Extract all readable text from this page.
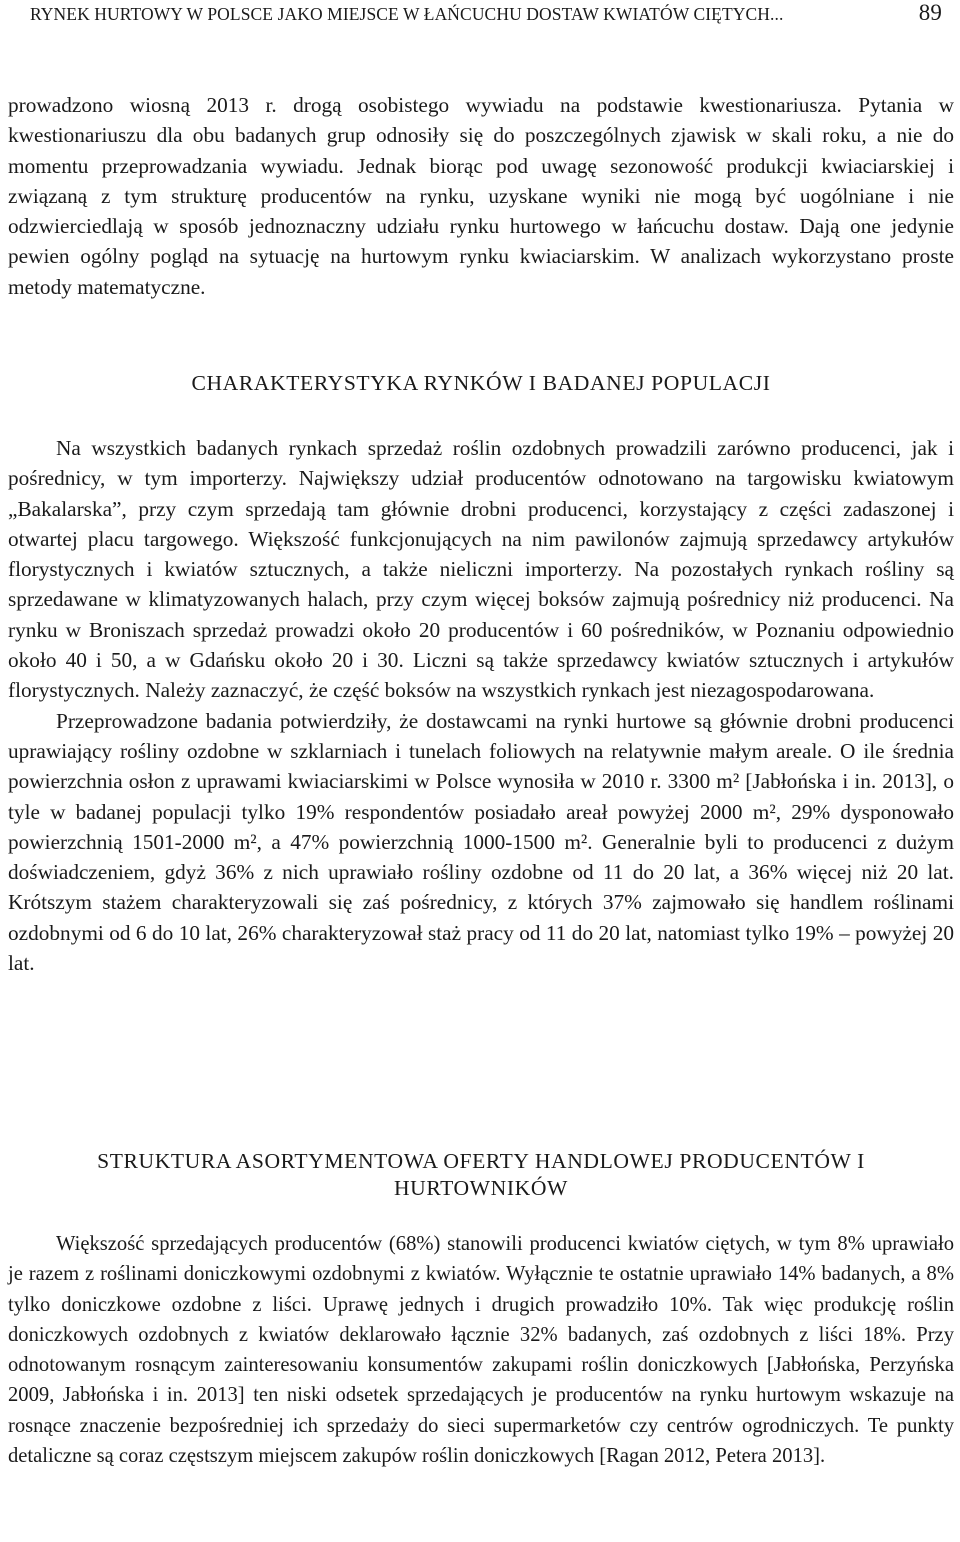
RYNEK HURTOWY W POLSCE JAKO MIEJSCE W ŁAŃCUCHU DOSTAW KWIATÓW CIĘTYCH...	89

prowadzono wiosną 2013 r. drogą osobistego wywiadu na podstawie kwestionariusza. Pytania w kwestionariuszu dla obu badanych grup odnosiły się do poszczególnych zjawisk w skali roku, a nie do momentu przeprowadzania wywiadu. Jednak biorąc pod uwagę sezonowość produkcji kwiaciarskiej i związaną z tym strukturę producentów na rynku, uzyskane wyniki nie mogą być uogólniane i nie odzwierciedlają w sposób jednoznaczny udziału rynku hurtowego w łańcuchu dostaw. Dają one jedynie pewien ogólny pogląd na sytuację na hurtowym rynku kwiaciarskim. W analizach wykorzystano proste metody matematyczne.

CHARAKTERYSTYKA RYNKÓW I BADANEJ POPULACJI

Na wszystkich badanych rynkach sprzedaż roślin ozdobnych prowadzili zarówno producenci, jak i pośrednicy, w tym importerzy. Największy udział producentów odnotowano na targowisku kwiatowym „Bakalarska”, przy czym sprzedają tam głównie drobni producenci, korzystający z części zadaszonej i otwartej placu targowego. Większość funkcjonujących na nim pawilonów zajmują sprzedawcy artykułów florystycznych i kwiatów sztucznych, a także nieliczni importerzy. Na pozostałych rynkach rośliny są sprzedawane w klimatyzowanych halach, przy czym więcej boksów zajmują pośrednicy niż producenci. Na rynku w Broniszach sprzedaż prowadzi około 20 producentów i 60 pośredników, w Poznaniu odpowiednio około 40 i 50, a w Gdańsku około 20 i 30. Liczni są także sprzedawcy kwiatów sztucznych i artykułów florystycznych. Należy zaznaczyć, że część boksów na wszystkich rynkach jest niezagospodarowana.

Przeprowadzone badania potwierdziły, że dostawcami na rynki hurtowe są głównie drobni producenci uprawiający rośliny ozdobne w szklarniach i tunelach foliowych na relatywnie małym areale. O ile średnia powierzchnia osłon z uprawami kwiaciarskimi w Polsce wynosiła w 2010 r. 3300 m² [Jabłońska i in. 2013], o tyle w badanej populacji tylko 19% respondentów posiadało areał powyżej 2000 m², 29% dysponowało powierzchnią 1501-2000 m², a 47% powierzchnią 1000-1500 m². Generalnie byli to producenci z dużym doświadczeniem, gdyż 36% z nich uprawiało rośliny ozdobne od 11 do 20 lat, a 36% więcej niż 20 lat. Krótszym stażem charakteryzowali się zaś pośrednicy, z których 37% zajmowało się handlem roślinami ozdobnymi od 6 do 10 lat, 26% charakteryzował staż pracy od 11 do 20 lat, natomiast tylko 19% – powyżej 20 lat.

STRUKTURA ASORTYMENTOWA OFERTY HANDLOWEJ PRODUCENTÓW I HURTOWNIKÓW

Większość sprzedających producentów (68%) stanowili producenci kwiatów ciętych, w tym 8% uprawiało je razem z roślinami doniczkowymi ozdobnymi z kwiatów. Wyłącznie te ostatnie uprawiało 14% badanych, a 8% tylko doniczkowe ozdobne z liści. Uprawę jednych i drugich prowadziło 10%. Tak więc produkcję roślin doniczkowych ozdobnych z kwiatów deklarowało łącznie 32% badanych, zaś ozdobnych z liści 18%. Przy odnotowanym rosnącym zainteresowaniu konsumentów zakupami roślin doniczkowych [Jabłońska, Perzyńska 2009, Jabłońska i in. 2013] ten niski odsetek sprzedających je producentów na rynku hurtowym wskazuje na rosnące znaczenie bezpośredniej ich sprzedaży do sieci supermarketów czy centrów ogrodniczych. Te punkty detaliczne są coraz częstszym miejscem zakupów roślin doniczkowych [Ragan 2012, Petera 2013].
